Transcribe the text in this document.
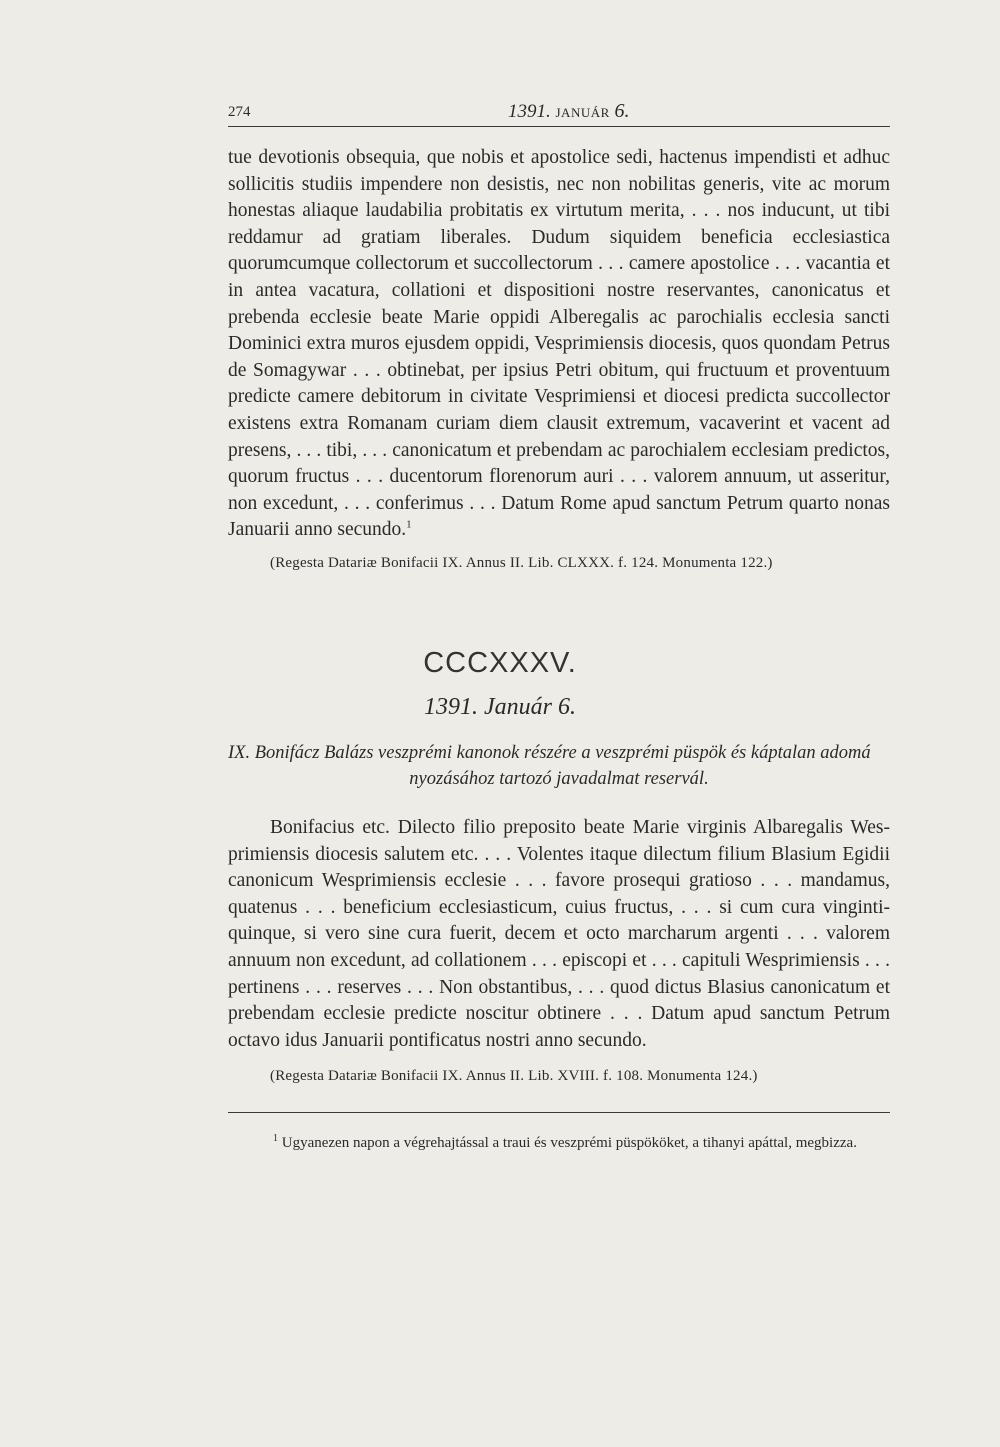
274	1391. JANUÁR 6.

tue devotionis obsequia, que nobis et apostolice sedi, hactenus impendisti et adhuc sollicitis studiis impendere non desistis, nec non nobilitas generis, vite ac morum honestas aliaque laudabilia probitatis ex virtutum merita, . . . nos inducunt, ut tibi reddamur ad gratiam liberales. Dudum siquidem beneficia ecclesiastica quorumcumque collectorum et succollectorum . . . camere apostolice . . . vacantia et in antea vacatura, collationi et dispositioni nostre reservantes, canonicatus et prebenda ecclesie beate Marie oppidi Alberegalis ac parochialis ecclesia sancti Dominici extra muros ejusdem oppidi, Vesprimiensis diocesis, quos quondam Petrus de Somagywar . . . obtinebat, per ipsius Petri obitum, qui fructuum et proventuum predicte camere debitorum in civitate Vesprimiensi et diocesi predicta succollector existens extra Romanam curiam diem clausit extremum, vacaverint et vacent ad presens, . . . tibi, . . . canonicatum et prebendam ac parochialem ecclesiam predictos, quorum fructus . . . ducentorum florenorum auri . . . valorem annuum, ut asseritur, non excedunt, . . . conferimus . . . Datum Rome apud sanctum Petrum quarto nonas Januarii anno secundo.$^1$

(Regesta Datariæ Bonifacii IX. Annus II. Lib. CLXXX. f. 124. Monumenta 122.)
CCCXXXV.
1391. Január 6.

IX. Bonifácz Balázs veszprémi kanonok részére a veszprémi püspök és káptalan adomá

nyozásához tartozó javadalmat reservál.

Bonifacius etc. Dilecto filio preposito beate Marie virginis Albaregalis Wesprimiensis diocesis salutem etc. . . . Volentes itaque dilectum filium Blasium Egidii canonicum Wesprimiensis ecclesie . . . favore prosequi gratioso . . . mandamus, quatenus . . . beneficium ecclesiasticum, cuius fructus, . . . si cum cura vingintiquinque, si vero sine cura fuerit, decem et octo marcharum argenti . . . valorem annuum non excedunt, ad collationem . . . episcopi et . . . capituli Wesprimiensis . . . pertinens . . . reserves . . . Non obstantibus, . . . quod dictus Blasius canonicatum et prebendam ecclesie predicte noscitur obtinere . . . Datum apud sanctum Petrum octavo idus Januarii pontificatus nostri anno secundo.

(Regesta Datariæ Bonifacii IX. Annus II. Lib. XVIII. f. 108. Monumenta 124.)

$^1$ Ugyanezen napon a végrehajtással a traui és veszprémi püspököket, a tihanyi apáttal, megbizza.
